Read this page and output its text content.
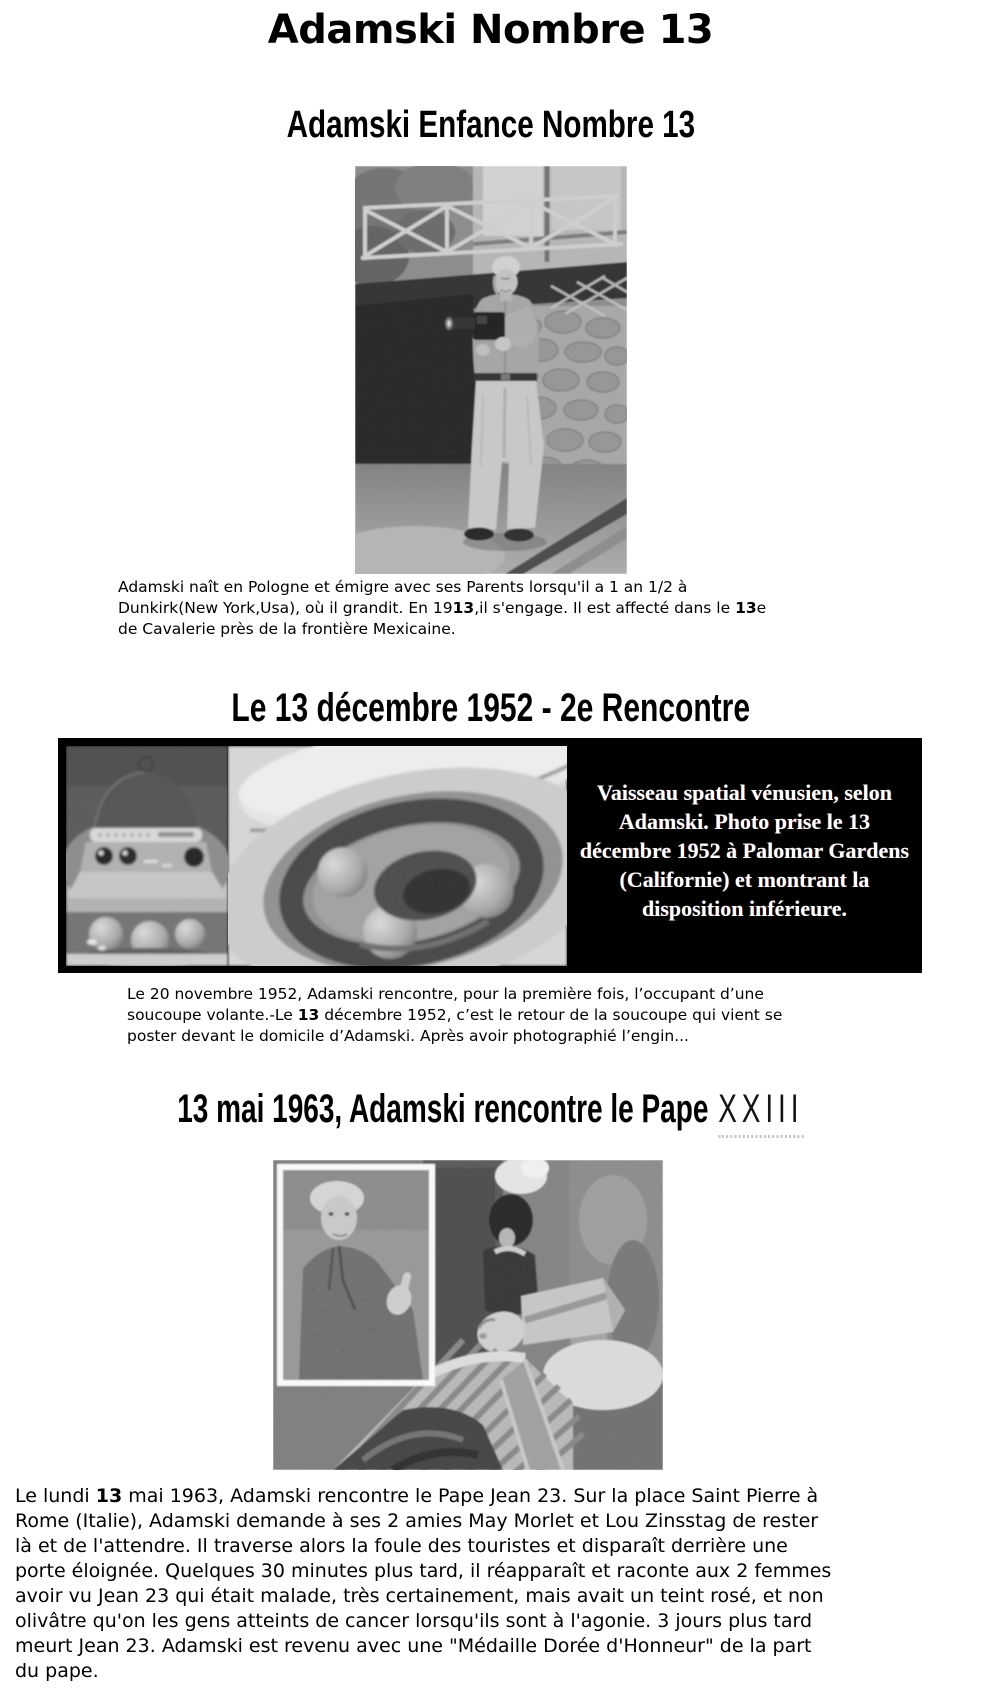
Adamski Nombre 13
Adamski Enfance Nombre 13
Adamski naît en Pologne et émigre avec ses Parents lorsqu'il a 1 an 1/2 à
Dunkirk(New York,Usa), où il grandit. En 1913,il s'engage. Il est affecté dans le 13e
de Cavalerie près de la frontière Mexicaine.
Le 13 décembre 1952 - 2e Rencontre
Vaisseau spatial vénusien, selon
Adamski. Photo prise le 13
décembre 1952 à Palomar Gardens
(Californie) et montrant la
disposition inférieure.
Le 20 novembre 1952, Adamski rencontre, pour la première fois, l’occupant d’une
soucoupe volante.-Le 13 décembre 1952, c’est le retour de la soucoupe qui vient se
poster devant le domicile d’Adamski. Après avoir photographié l’engin...
13 mai 1963, Adamski rencontre le Pape XXIII
Le lundi 13 mai 1963, Adamski rencontre le Pape Jean 23. Sur la place Saint Pierre à
Rome (Italie), Adamski demande à ses 2 amies May Morlet et Lou Zinsstag de rester
là et de l'attendre. Il traverse alors la foule des touristes et disparaît derrière une
porte éloignée. Quelques 30 minutes plus tard, il réapparaît et raconte aux 2 femmes
avoir vu Jean 23 qui était malade, très certainement, mais avait un teint rosé, et non
olivâtre qu'on les gens atteints de cancer lorsqu'ils sont à l'agonie. 3 jours plus tard
meurt Jean 23. Adamski est revenu avec une "Médaille Dorée d'Honneur" de la part
du pape.
